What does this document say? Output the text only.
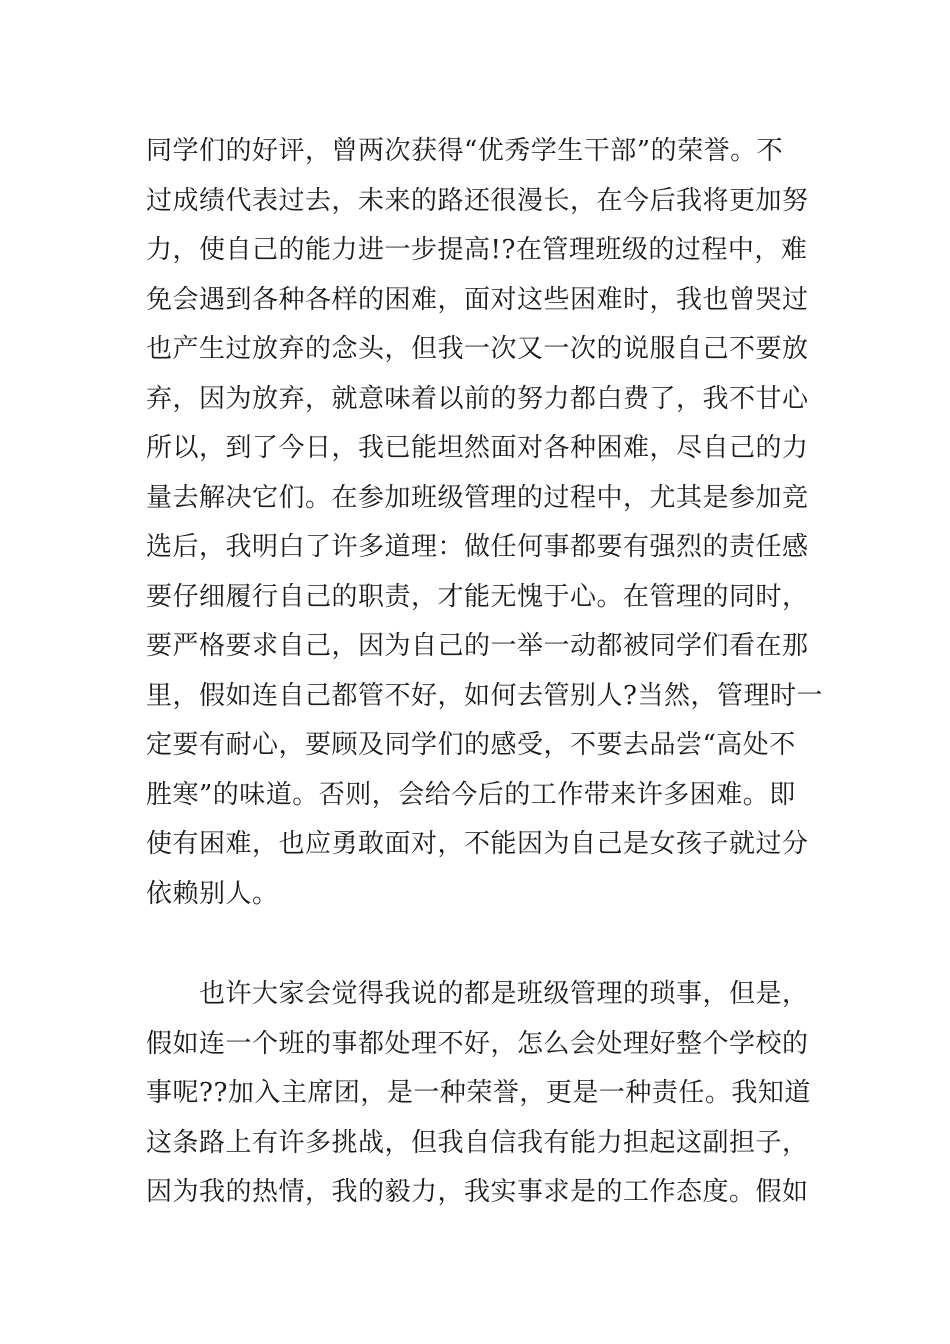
同学们的好评，曾两次获得“优秀学生干部”的荣誉。不
过成绩代表过去，未来的路还很漫长，在今后我将更加努
力，使自己的能力进一步提高!?在管理班级的过程中，难
免会遇到各种各样的困难，面对这些困难时，我也曾哭过
也产生过放弃的念头，但我一次又一次的说服自己不要放
弃，因为放弃，就意味着以前的努力都白费了，我不甘心
所以，到了今日，我已能坦然面对各种困难，尽自己的力
量去解决它们。在参加班级管理的过程中，尤其是参加竞
选后，我明白了许多道理：做任何事都要有强烈的责任感
要仔细履行自己的职责，才能无愧于心。在管理的同时，
要严格要求自己，因为自己的一举一动都被同学们看在那
里，假如连自己都管不好，如何去管别人?当然，管理时一
定要有耐心，要顾及同学们的感受，不要去品尝“高处不
胜寒”的味道。否则，会给今后的工作带来许多困难。即
使有困难，也应勇敢面对，不能因为自己是女孩子就过分
依赖别人。
　　也许大家会觉得我说的都是班级管理的琐事，但是，
假如连一个班的事都处理不好，怎么会处理好整个学校的
事呢??加入主席团，是一种荣誉，更是一种责任。我知道
这条路上有许多挑战，但我自信我有能力担起这副担子，
因为我的热情，我的毅力，我实事求是的工作态度。假如
